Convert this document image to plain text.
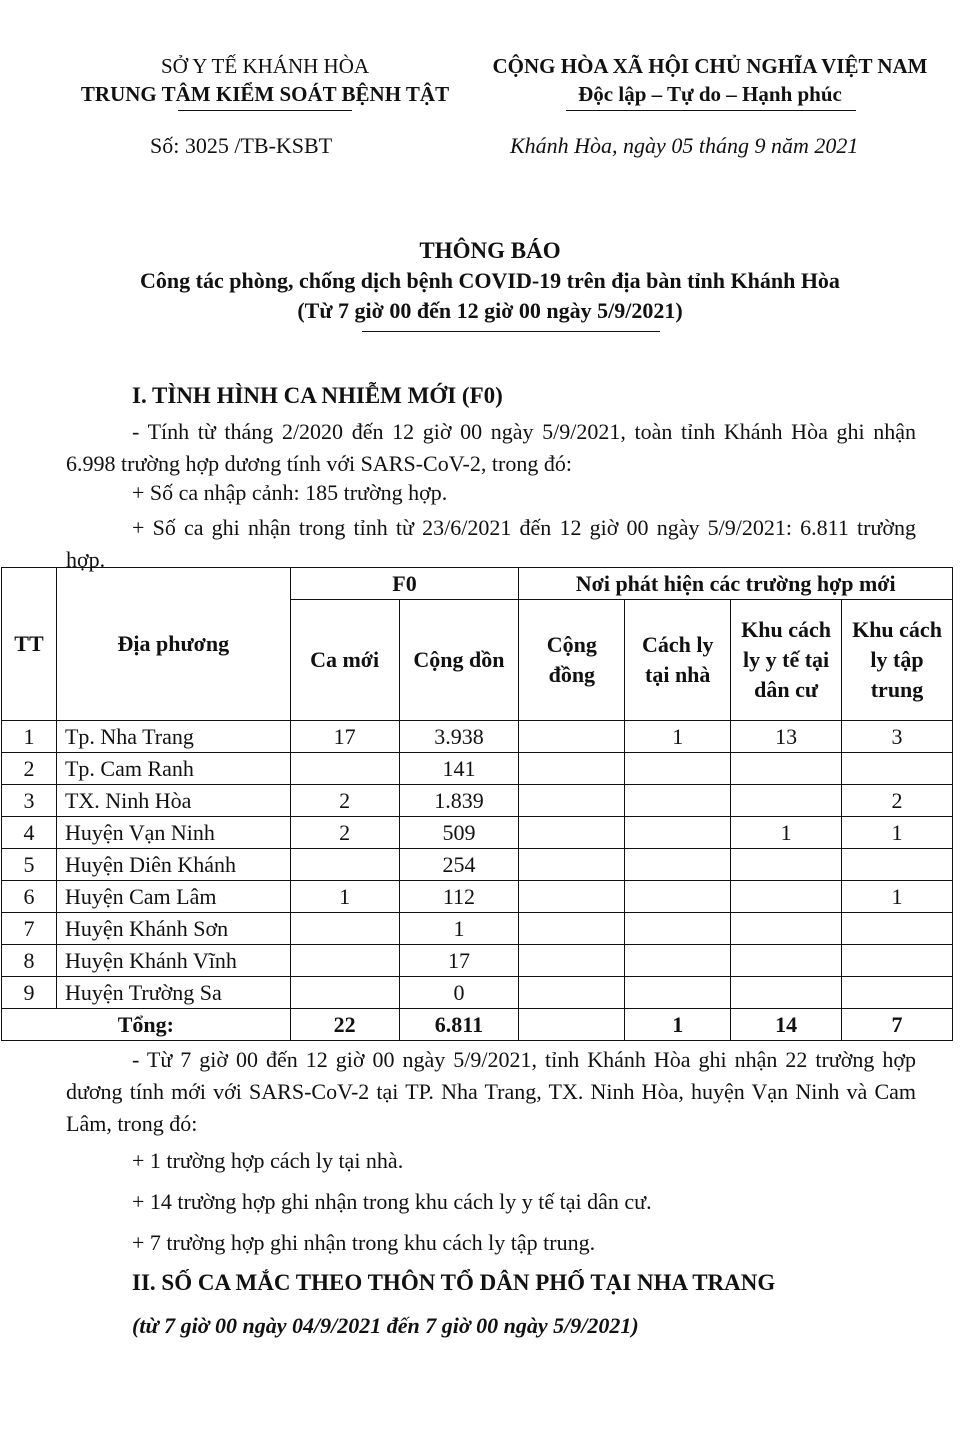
SỞ Y TẾ KHÁNH HÒA
TRUNG TÂM KIỂM SOÁT BỆNH TẬT
CỘNG HÒA XÃ HỘI CHỦ NGHĨA VIỆT NAM
Độc lập – Tự do – Hạnh phúc
Số: 3025 /TB-KSBT	Khánh Hòa, ngày 05 tháng 9 năm 2021
THÔNG BÁO
Công tác phòng, chống dịch bệnh COVID-19 trên địa bàn tỉnh Khánh Hòa
(Từ 7 giờ 00 đến 12 giờ 00 ngày 5/9/2021)
I. TÌNH HÌNH CA NHIỄM MỚI (F0)
- Tính từ tháng 2/2020 đến 12 giờ 00 ngày 5/9/2021, toàn tỉnh Khánh Hòa ghi nhận 6.998 trường hợp dương tính với SARS-CoV-2, trong đó:
+ Số ca nhập cảnh: 185 trường hợp.
+ Số ca ghi nhận trong tỉnh từ 23/6/2021 đến 12 giờ 00 ngày 5/9/2021: 6.811 trường hợp.
TT	Địa phương	F0		Nơi phát hiện các trường hợp mới			
		Ca mới	Cộng dồn	Cộng đồng	Cách ly tại nhà	Khu cách ly y tế tại dân cư	Khu cách ly tập trung
1	Tp. Nha Trang	17	3.938		1	13	3
2	Tp. Cam Ranh		141				
3	TX. Ninh Hòa	2	1.839				2
4	Huyện Vạn Ninh	2	509			1	1
5	Huyện Diên Khánh		254				
6	Huyện Cam Lâm	1	112				1
7	Huyện Khánh Sơn		1				
8	Huyện Khánh Vĩnh		17				
9	Huyện Trường Sa		0				
Tổng:		22	6.811		1	14	7
- Từ 7 giờ 00 đến 12 giờ 00 ngày 5/9/2021, tỉnh Khánh Hòa ghi nhận 22 trường hợp dương tính mới với SARS-CoV-2 tại TP. Nha Trang, TX. Ninh Hòa, huyện Vạn Ninh và Cam Lâm, trong đó:
+ 1 trường hợp cách ly tại nhà.
+ 14 trường hợp ghi nhận trong khu cách ly y tế tại dân cư.
+ 7 trường hợp ghi nhận trong khu cách ly tập trung.
II. SỐ CA MẮC THEO THÔN TỔ DÂN PHỐ TẠI NHA TRANG
(từ 7 giờ 00 ngày 04/9/2021 đến 7 giờ 00 ngày 5/9/2021)
